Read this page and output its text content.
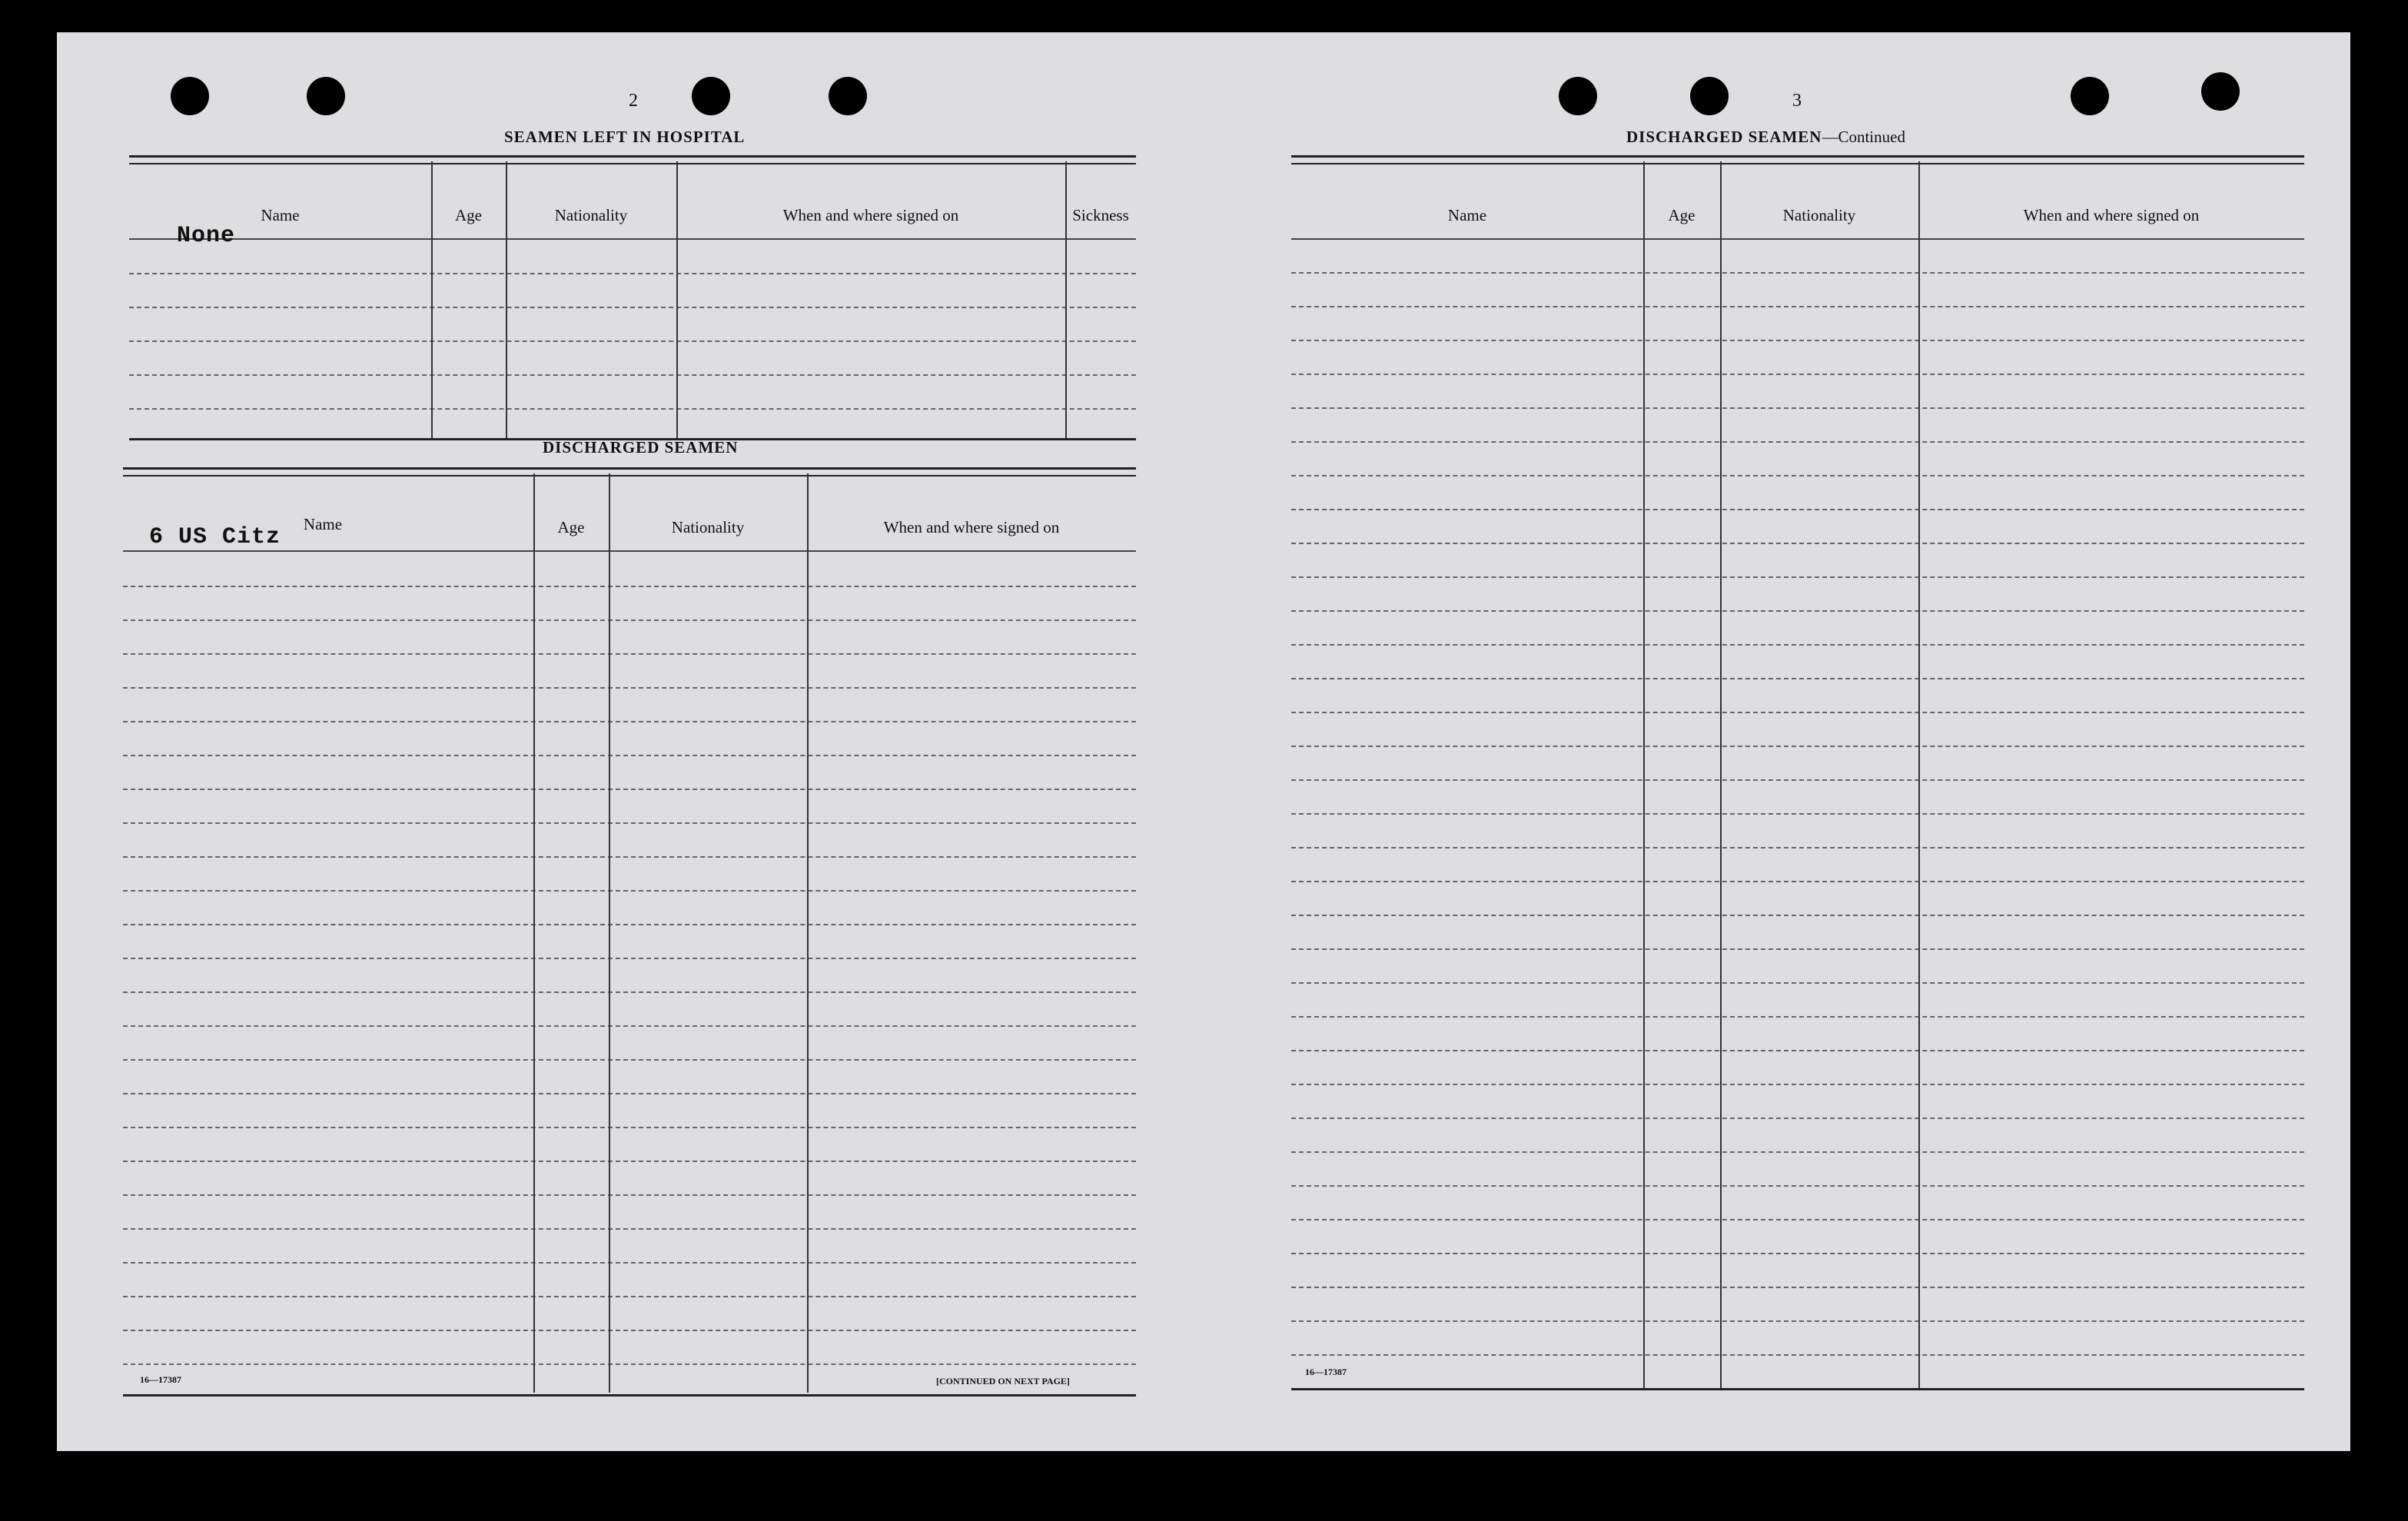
2
SEAMEN LEFT IN HOSPITAL
Name	Age	Nationality	When and where signed on	Sickness
None
DISCHARGED SEAMEN
Name	Age	Nationality	When and where signed on
6 US Citz
16—17387	[CONTINUED ON NEXT PAGE]
3
DISCHARGED SEAMEN—Continued
Name	Age	Nationality	When and where signed on
16—17387
